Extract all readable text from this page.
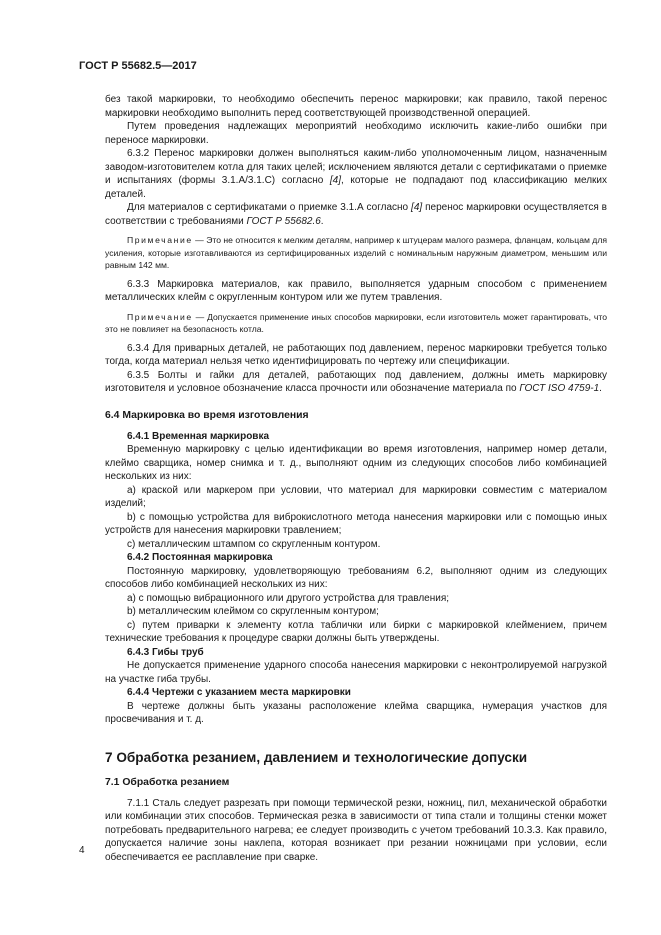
ГОСТ Р 55682.5—2017

без такой маркировки, то необходимо обеспечить перенос маркировки; как правило, такой перенос маркировки необходимо выполнить перед соответствующей производственной операцией.

Путем проведения надлежащих мероприятий необходимо исключить какие-либо ошибки при переносе маркировки.

6.3.2 Перенос маркировки должен выполняться каким-либо уполномоченным лицом, назначенным заводом-изготовителем котла для таких целей; исключением являются детали с сертификатами о приемке и испытаниях (формы 3.1.А/3.1.С) согласно [4], которые не подпадают под классификацию мелких деталей.

Для материалов с сертификатами о приемке 3.1.А согласно [4] перенос маркировки осуществляется в соответствии с требованиями ГОСТ Р 55682.6.

Примечание — Это не относится к мелким деталям, например к штуцерам малого размера, фланцам, кольцам для усиления, которые изготавливаются из сертифицированных изделий с номинальным наружным диаметром, меньшим или равным 142 мм.

6.3.3 Маркировка материалов, как правило, выполняется ударным способом с применением металлических клейм с округленным контуром или же путем травления.

Примечание — Допускается применение иных способов маркировки, если изготовитель может гарантировать, что это не повлияет на безопасность котла.

6.3.4 Для приварных деталей, не работающих под давлением, перенос маркировки требуется только тогда, когда материал нельзя четко идентифицировать по чертежу или спецификации.

6.3.5 Болты и гайки для деталей, работающих под давлением, должны иметь маркировку изготовителя и условное обозначение класса прочности или обозначение материала по ГОСТ ISO 4759-1.

6.4 Маркировка во время изготовления

6.4.1 Временная маркировка

Временную маркировку с целью идентификации во время изготовления, например номер детали, клеймо сварщика, номер снимка и т. д., выполняют одним из следующих способов либо комбинацией нескольких из них:

a) краской или маркером при условии, что материал для маркировки совместим с материалом изделий;

b) с помощью устройства для виброкислотного метода нанесения маркировки или с помощью иных устройств для нанесения маркировки травлением;

c) металлическим штампом со скругленным контуром.

6.4.2 Постоянная маркировка

Постоянную маркировку, удовлетворяющую требованиям 6.2, выполняют одним из следующих способов либо комбинацией нескольких из них:

a) с помощью вибрационного или другого устройства для травления;

b) металлическим клеймом со скругленным контуром;

c) путем приварки к элементу котла таблички или бирки с маркировкой клеймением, причем технические требования к процедуре сварки должны быть утверждены.

6.4.3 Гибы труб

Не допускается применение ударного способа нанесения маркировки с неконтролируемой нагрузкой на участке гиба трубы.

6.4.4 Чертежи с указанием места маркировки

В чертеже должны быть указаны расположение клейма сварщика, нумерация участков для просвечивания и т. д.

7 Обработка резанием, давлением и технологические допуски

7.1 Обработка резанием

7.1.1 Сталь следует разрезать при помощи термической резки, ножниц, пил, механической обработки или комбинации этих способов. Термическая резка в зависимости от типа стали и толщины стенки может потребовать предварительного нагрева; ее следует производить с учетом требований 10.3.3. Как правило, допускается наличие зоны наклепа, которая возникает при резании ножницами при условии, если обеспечивается ее расплавление при сварке.

4
